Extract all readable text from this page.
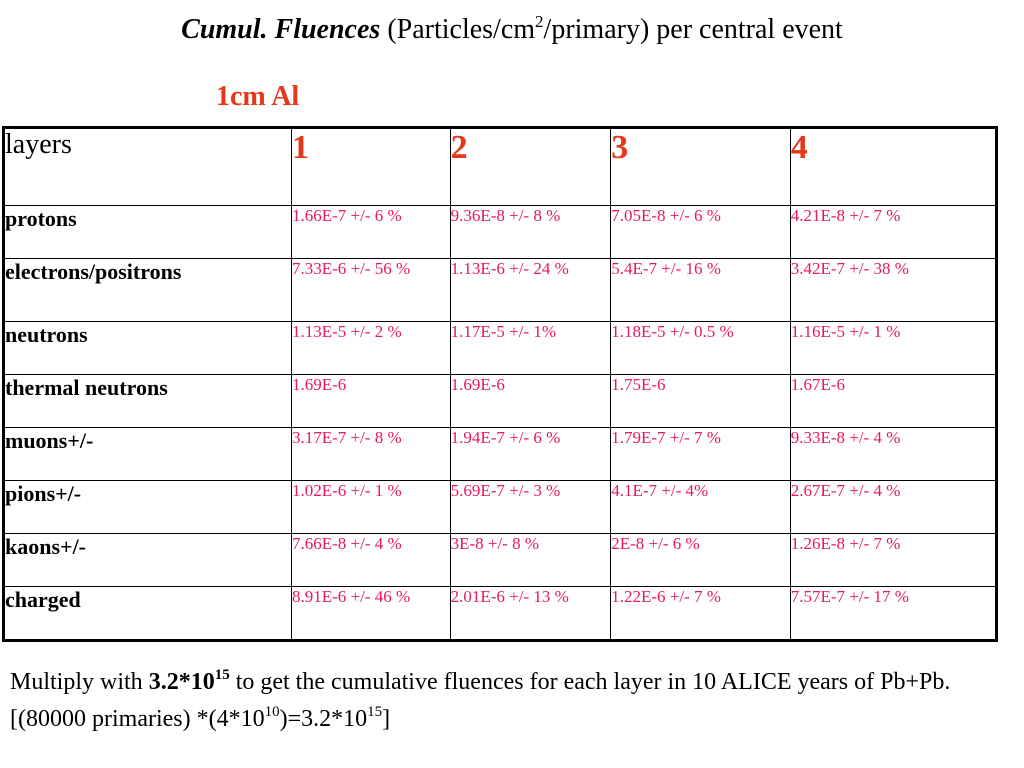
Cumul. Fluences $(Particles/cm^2/primary)$ per central event
1cm Al
layers	1	2	3	4
protons	1.66E-7 +/- 6 %	9.36E-8 +/- 8 %	7.05E-8 +/- 6 %	4.21E-8 +/- 7 %
electrons/positrons	7.33E-6 +/- 56 %	1.13E-6 +/- 24 %	5.4E-7 +/- 16 %	3.42E-7 +/- 38 %
neutrons	1.13E-5 +/- 2 %	1.17E-5 +/- 1%	1.18E-5 +/- 0.5 %	1.16E-5 +/- 1 %
thermal neutrons	1.69E-6	1.69E-6	1.75E-6	1.67E-6
muons+/-	3.17E-7 +/- 8 %	1.94E-7 +/- 6 %	1.79E-7 +/- 7 %	9.33E-8 +/- 4 %
pions+/-	1.02E-6 +/- 1 %	5.69E-7 +/- 3 %	4.1E-7 +/- 4%	2.67E-7 +/- 4 %
kaons+/-	7.66E-8 +/- 4 %	3E-8 +/- 8 %	2E-8 +/- 6 %	1.26E-8 +/- 7 %
charged	8.91E-6 +/- 46 %	2.01E-6 +/- 13 %	1.22E-6 +/- 7 %	7.57E-7 +/- 17 %
Multiply with $3.2*10^{15}$ to get the cumulative fluences for each layer in 10 ALICE years of Pb+Pb. [(80000 primaries) $*(4*10^{10})=3.2*10^{15}$]
